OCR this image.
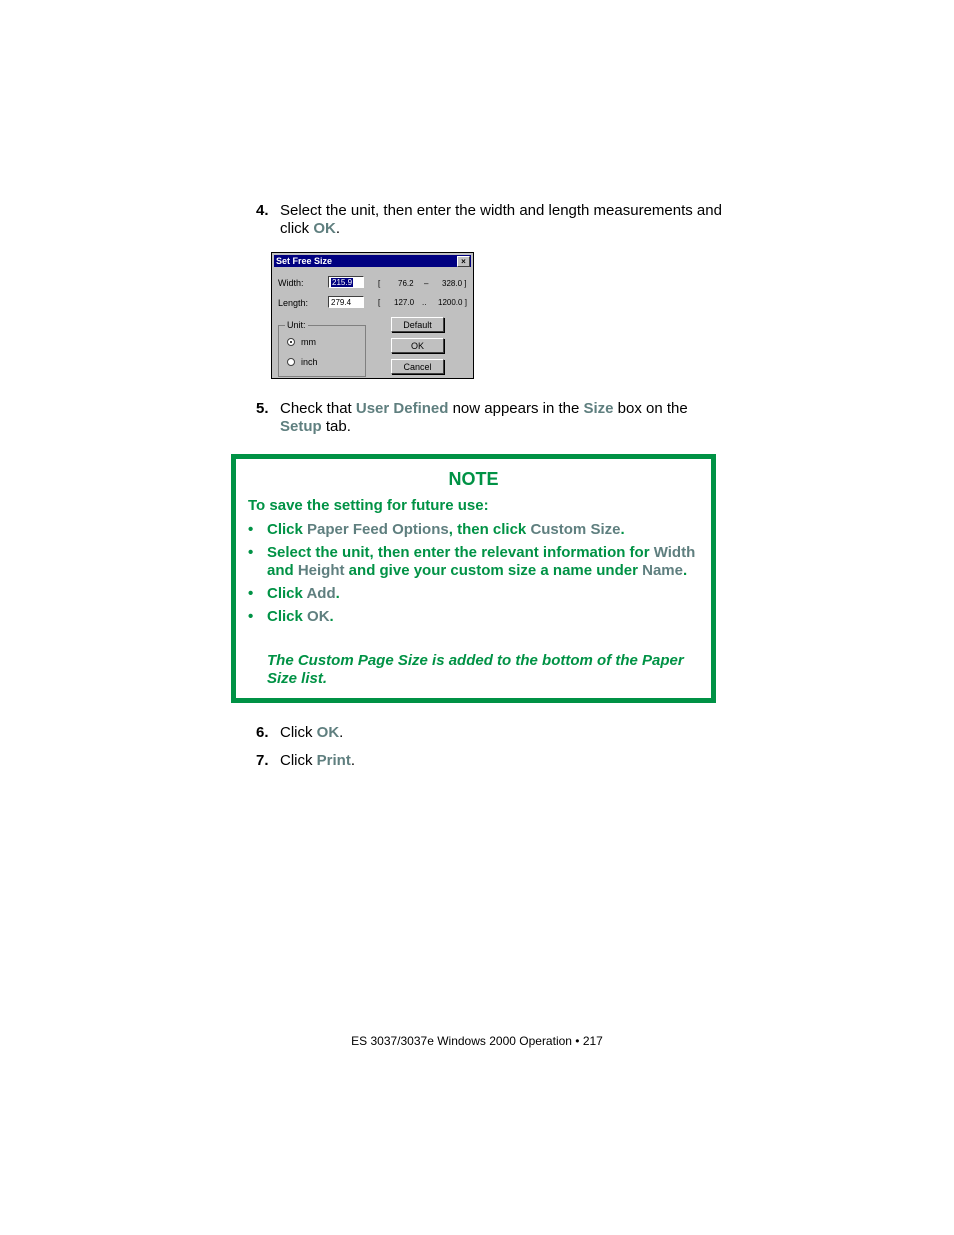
4. Select the unit, then enter the width and length measurements and click OK.
Set Free Size	×
Width:	215.9	[ 76.2 – 328.0 ]
Length:	279.4	[ 127.0 .. 1200.0 ]
Unit:
mm
inch
Default
OK
Cancel
5. Check that User Defined now appears in the Size box on the Setup tab.
NOTE
To save the setting for future use:
• Click Paper Feed Options, then click Custom Size.
• Select the unit, then enter the relevant information for Width and Height and give your custom size a name under Name.
• Click Add.
• Click OK.
The Custom Page Size is added to the bottom of the Paper Size list.
6. Click OK.
7. Click Print.
ES 3037/3037e Windows 2000 Operation • 217
